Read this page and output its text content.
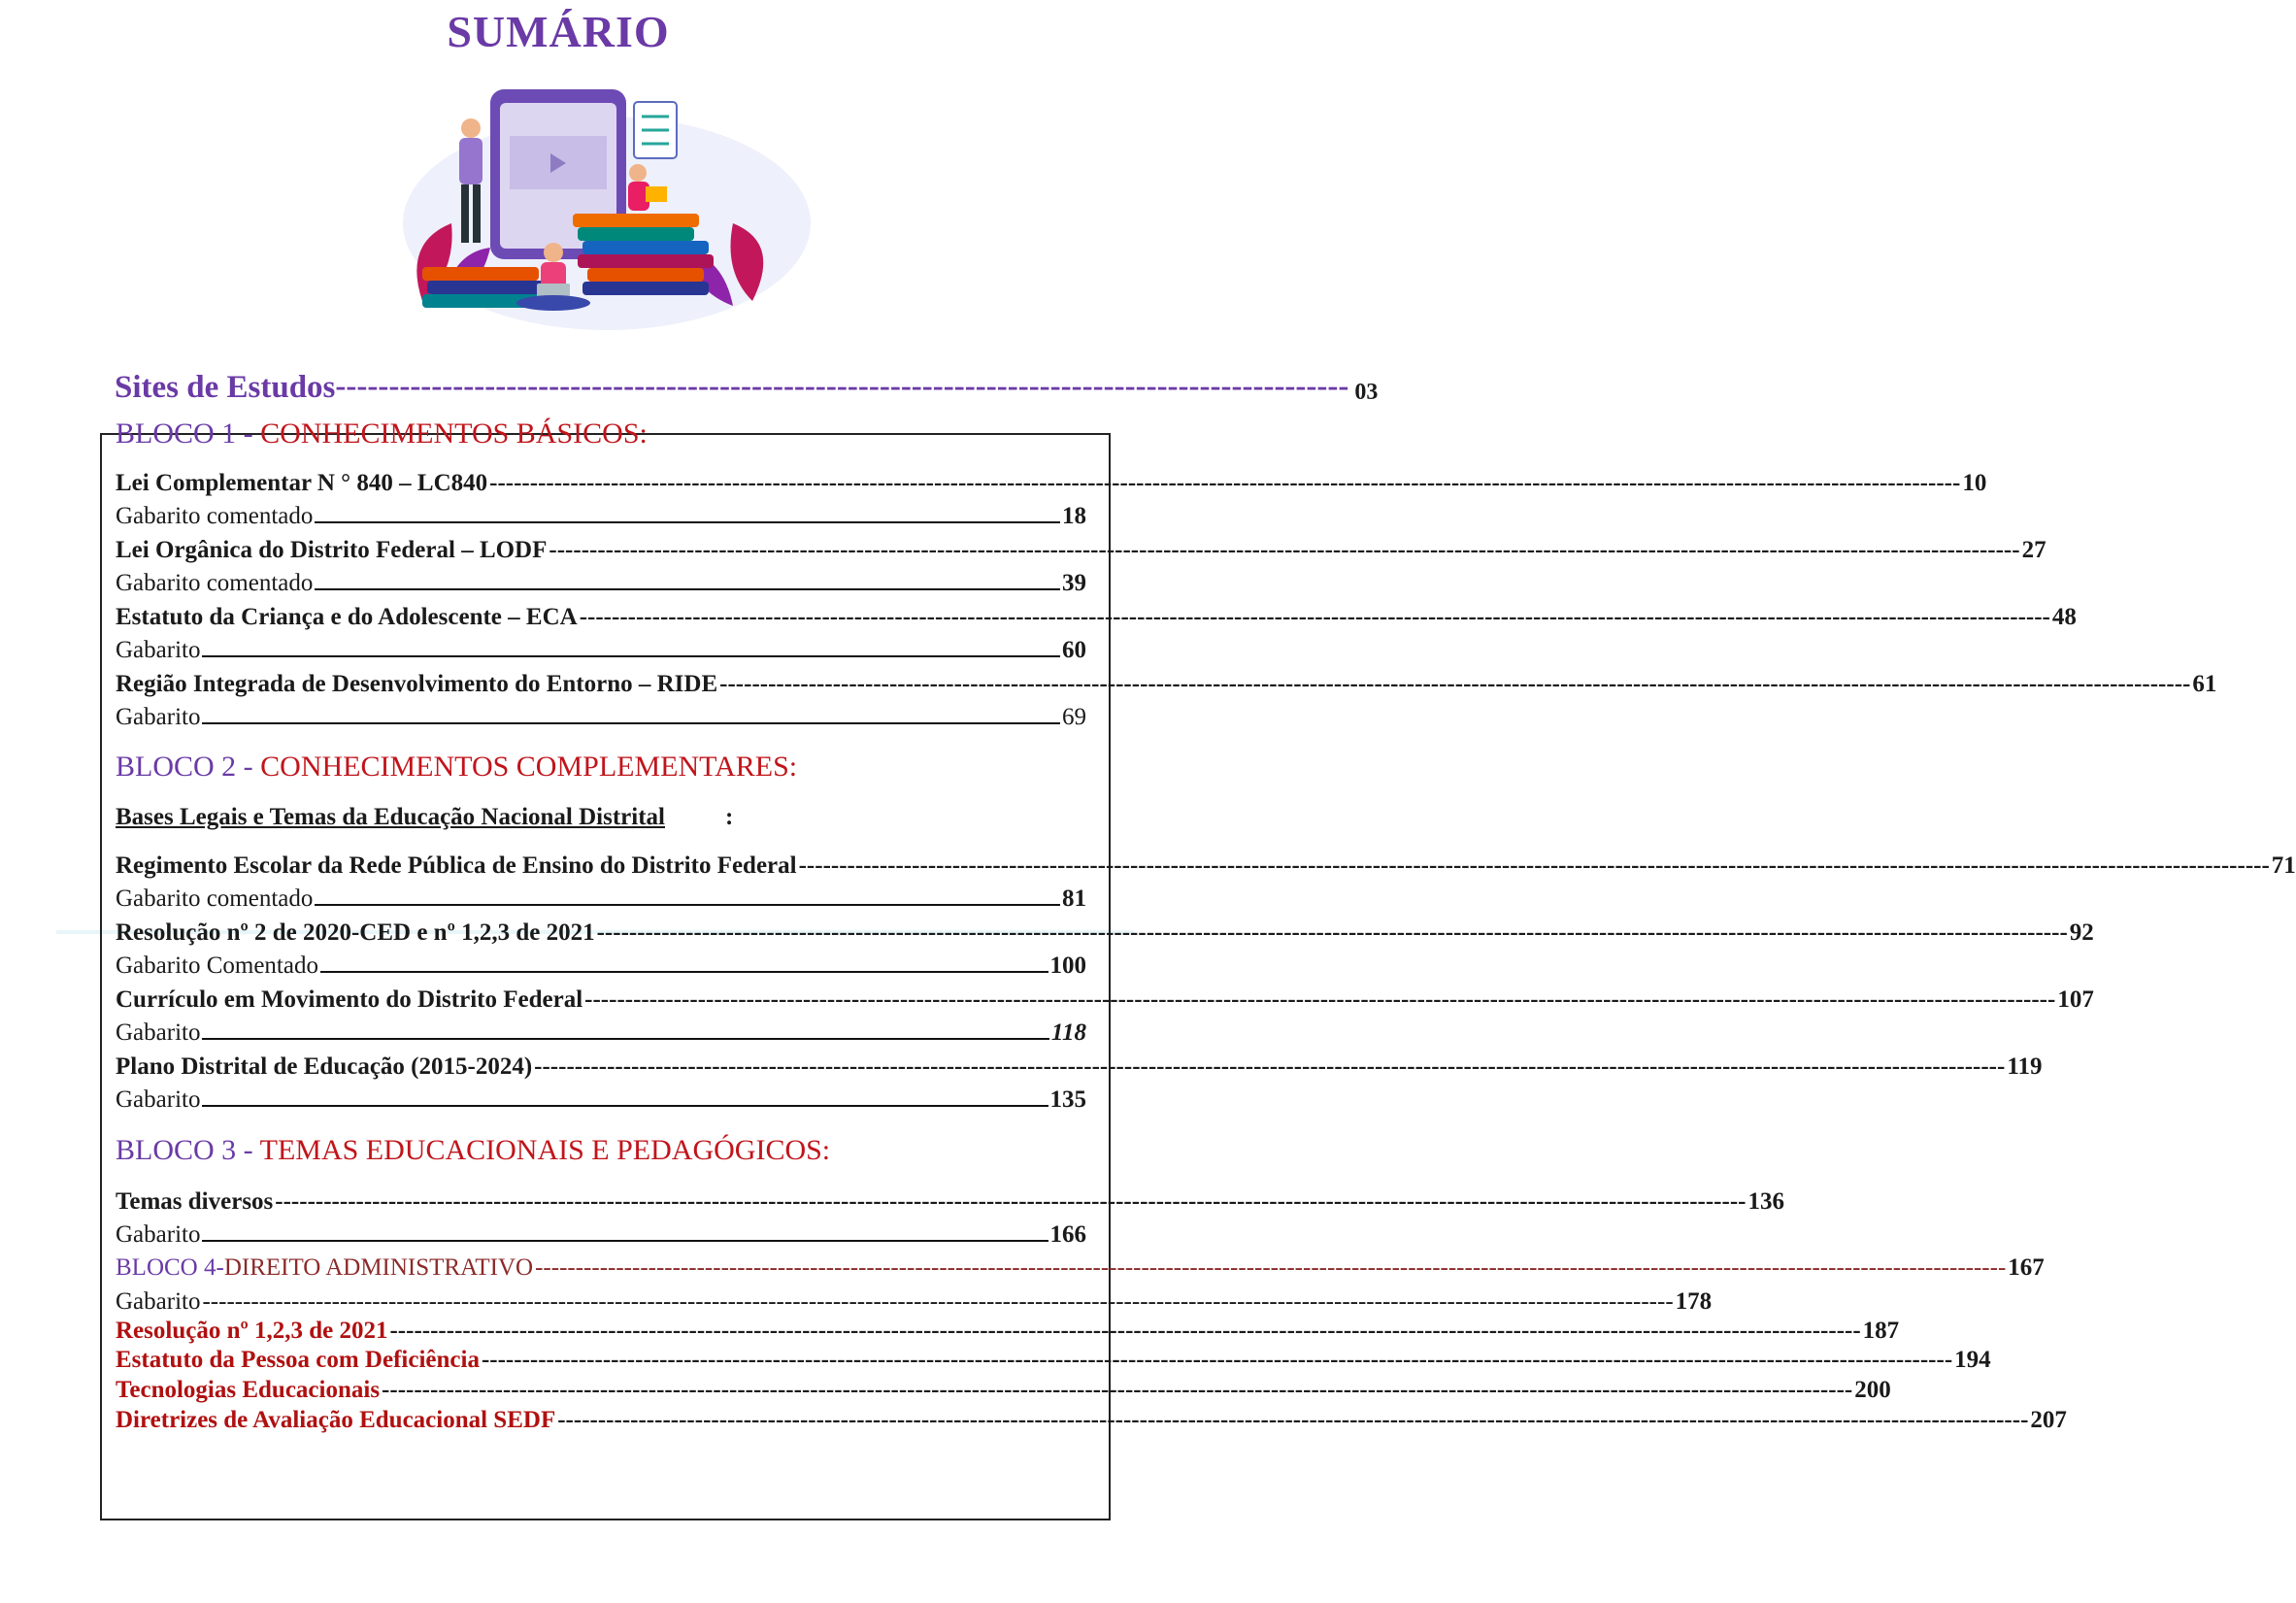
SUMÁRIO
Sites de Estudos ----------------------------------------------------------------------------------------------- 03
BLOCO 1 - CONHECIMENTOS BÁSICOS:
Lei Complementar N ° 840 – LC840 -----	10
Gabarito comentado	18
Lei Orgânica do Distrito Federal – LODF -----	27
Gabarito comentado	39
Estatuto da Criança e do Adolescente – ECA -----	48
Gabarito	60
Região Integrada de Desenvolvimento do Entorno – RIDE -----	61
Gabarito	69
BLOCO 2 - CONHECIMENTOS COMPLEMENTARES:
Bases Legais e Temas da Educação Nacional Distrital :
Regimento Escolar da Rede Pública de Ensino do Distrito Federal -----	71
Gabarito comentado	81
Resolução nº 2 de 2020-CED e nº 1,2,3 de 2021 -----	92
Gabarito Comentado	100
Currículo em Movimento do Distrito Federal -----	107
Gabarito	118
Plano Distrital de Educação (2015-2024) -----	119
Gabarito	135
BLOCO 3 - TEMAS EDUCACIONAIS E PEDAGÓGICOS:
Temas diversos -----	136
Gabarito	166
BLOCO 4- DIREITO ADMINISTRATIVO -----	167
Gabarito -----	178
Resolução nº 1,2,3 de 2021 -----	187
Estatuto da Pessoa com Deficiência -----	194
Tecnologias Educacionais -----	200
Diretrizes de Avaliação Educacional SEDF -----	207
